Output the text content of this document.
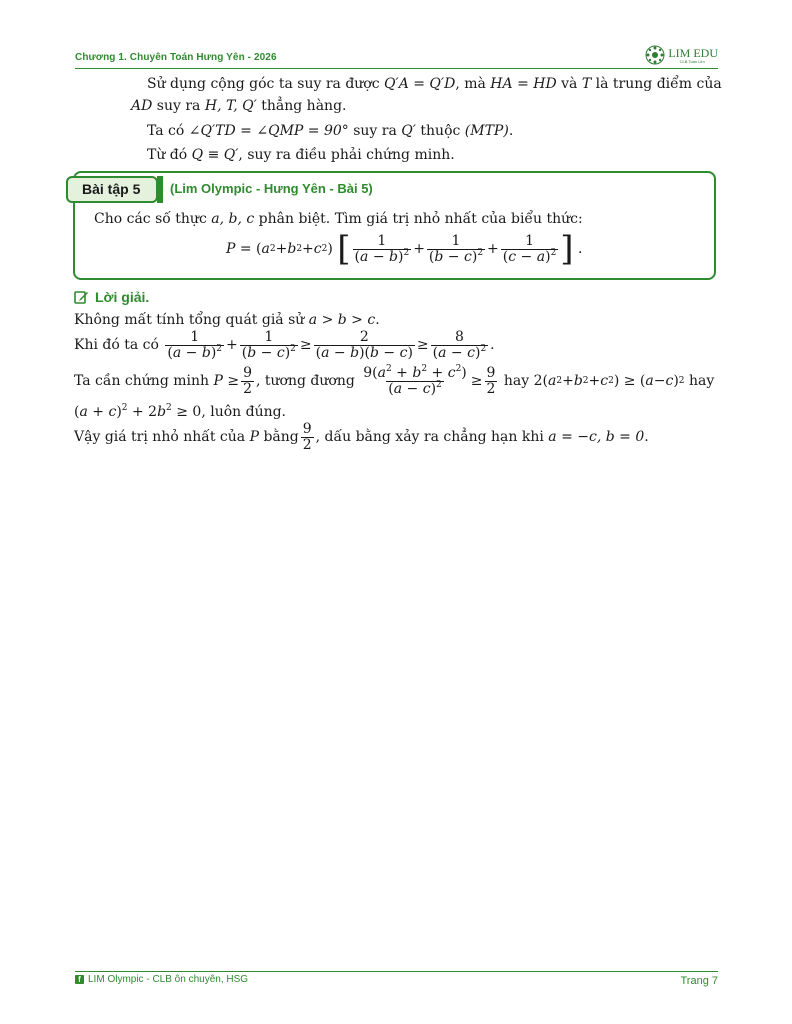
Chương 1. Chuyên Toán Hưng Yên - 2026	LIM EDU
CLB Toán Lim
Sử dụng cộng góc ta suy ra được Q′A = Q′D, mà HA = HD và T là trung điểm của
AD suy ra H, T, Q′ thẳng hàng.
Ta có ∠Q′TD = ∠QMP = 90° suy ra Q′ thuộc (MTP).
Từ đó Q ≡ Q′, suy ra điều phải chứng minh.
Bài tập 5 (Lim Olympic - Hưng Yên - Bài 5)
Cho các số thực a, b, c phân biệt. Tìm giá trị nhỏ nhất của biểu thức:
P = ( a 2 + b 2 + c 2 ) [ $\frac{1}{(a - b)^2} + \frac{1}{(b - c)^2} + \frac{1}{(c - a)^2}$ ] .
Lời giải.
Không mất tính tổng quát giả sử a > b > c.
Khi đó ta có
$\frac{1}{(a - b)^2} + \frac{1}{(b - c)^2} \ge \frac{2}{(a - b)(b - c)} \ge \frac{8}{(a - c)^2}$ .
Ta cần chứng minh
$P \ge \frac{9}{2}$ , tương đương
$\frac{9(a^2 + b^2 + c^2)}{(a - c)^2} \ge \frac{9}{2}$
hay 2( a 2 + b 2 + c 2 ) ≥ ( a − c ) 2
hay
$(a + c)^2 + 2b^2 \ge 0$, luôn đúng.
Vậy giá trị nhỏ nhất của
P
bằng $\frac{9}{2}$ , dấu bằng xảy ra chẳng hạn khi
a = −c, b = 0 .
f LIM Olympic - CLB ôn chuyên, HSG	Trang 7
